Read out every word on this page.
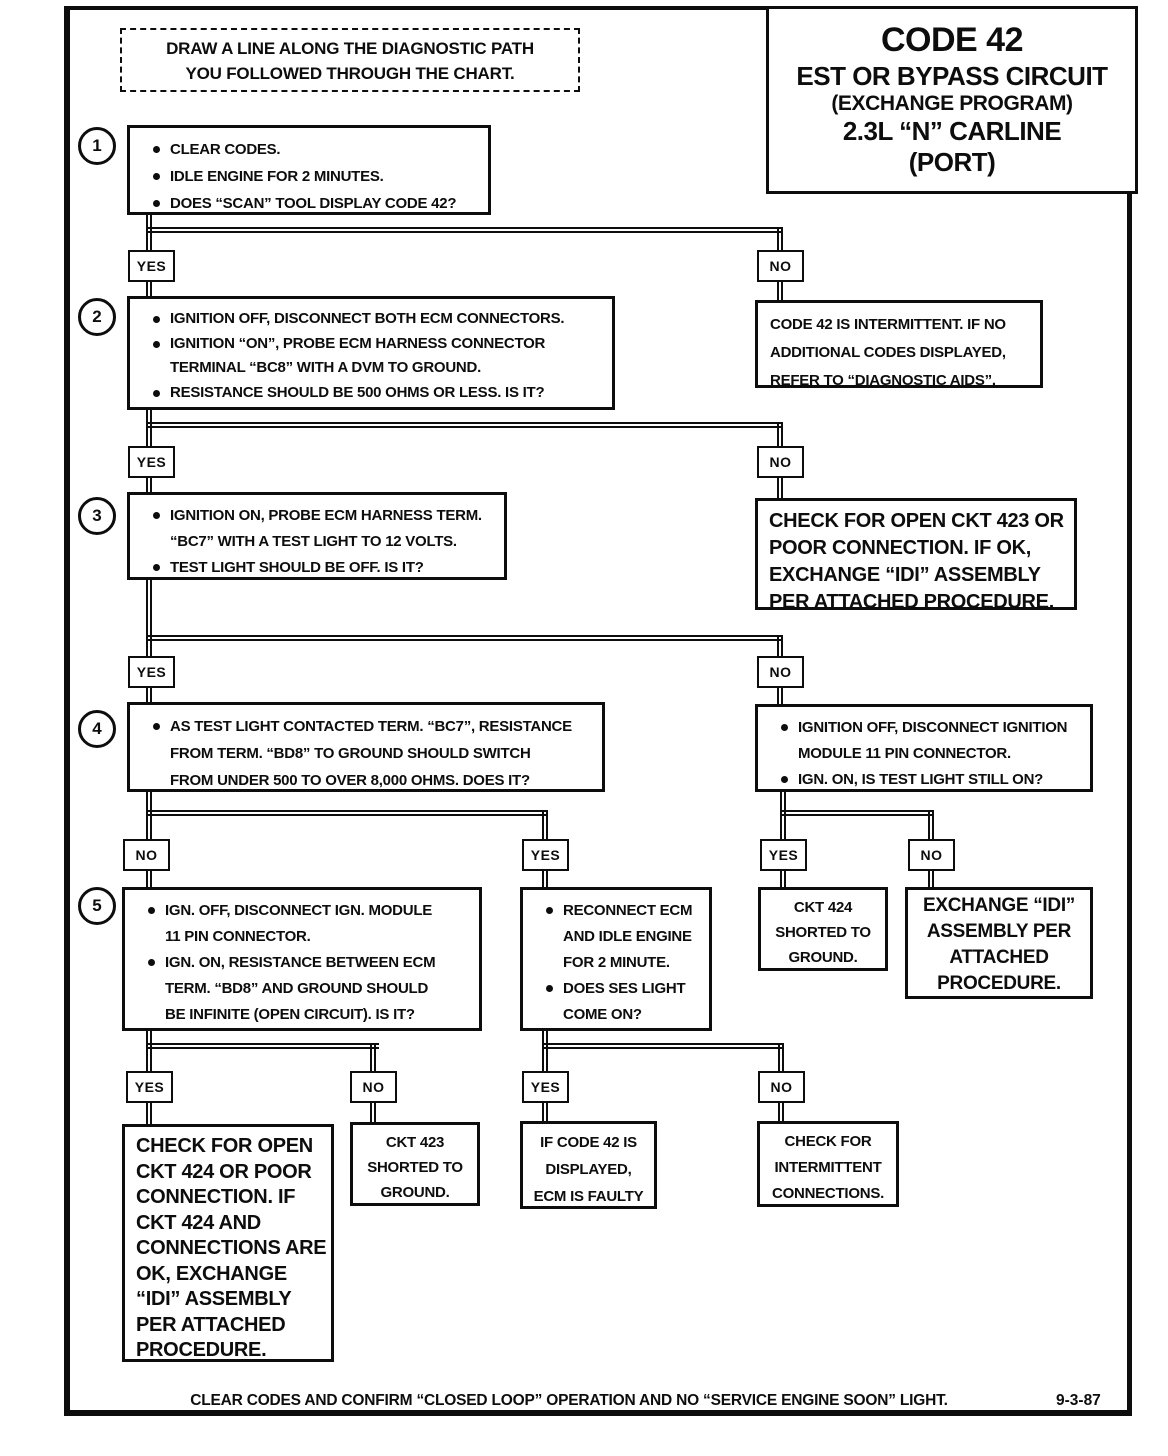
DRAW A LINE ALONG THE DIAGNOSTIC PATH
YOU FOLLOWED THROUGH THE CHART.
CODE 42
EST OR BYPASS CIRCUIT
(EXCHANGE PROGRAM)
2.3L “N” CARLINE
(PORT)
1
2
3
4
5
CLEAR CODES.
IDLE ENGINE FOR 2 MINUTES.
DOES “SCAN” TOOL DISPLAY CODE 42?
YES	NO
IGNITION OFF, DISCONNECT BOTH ECM CONNECTORS.
IGNITION “ON”, PROBE ECM HARNESS CONNECTOR
TERMINAL “BC8” WITH A DVM TO GROUND.
RESISTANCE SHOULD BE 500 OHMS OR LESS. IS IT?
CODE 42 IS INTERMITTENT. IF NO
ADDITIONAL CODES DISPLAYED,
REFER TO “DIAGNOSTIC AIDS”.
YES	NO
IGNITION ON, PROBE ECM HARNESS TERM.
“BC7” WITH A TEST LIGHT TO 12 VOLTS.
TEST LIGHT SHOULD BE OFF. IS IT?
CHECK FOR OPEN CKT 423 OR
POOR CONNECTION. IF OK,
EXCHANGE “IDI” ASSEMBLY
PER ATTACHED PROCEDURE.
YES	NO
AS TEST LIGHT CONTACTED TERM. “BC7”, RESISTANCE
FROM TERM. “BD8” TO GROUND SHOULD SWITCH
FROM UNDER 500 TO OVER 8,000 OHMS. DOES IT?
IGNITION OFF, DISCONNECT IGNITION
MODULE 11 PIN CONNECTOR.
IGN. ON, IS TEST LIGHT STILL ON?
NO	YES	YES	NO
IGN. OFF, DISCONNECT IGN. MODULE
11 PIN CONNECTOR.
IGN. ON, RESISTANCE BETWEEN ECM
TERM. “BD8” AND GROUND SHOULD
BE INFINITE (OPEN CIRCUIT). IS IT?
RECONNECT ECM
AND IDLE ENGINE
FOR 2 MINUTE.
DOES SES LIGHT
COME ON?
CKT 424
SHORTED TO
GROUND.
EXCHANGE “IDI”
ASSEMBLY PER
ATTACHED
PROCEDURE.
YES	NO	YES	NO
CHECK FOR OPEN
CKT 424 OR POOR
CONNECTION. IF
CKT 424 AND
CONNECTIONS ARE
OK, EXCHANGE
“IDI” ASSEMBLY
PER ATTACHED
PROCEDURE.
CKT 423
SHORTED TO
GROUND.
IF CODE 42 IS
DISPLAYED,
ECM IS FAULTY
CHECK FOR
INTERMITTENT
CONNECTIONS.
CLEAR CODES AND CONFIRM “CLOSED LOOP” OPERATION AND NO “SERVICE ENGINE SOON” LIGHT.	9-3-87
